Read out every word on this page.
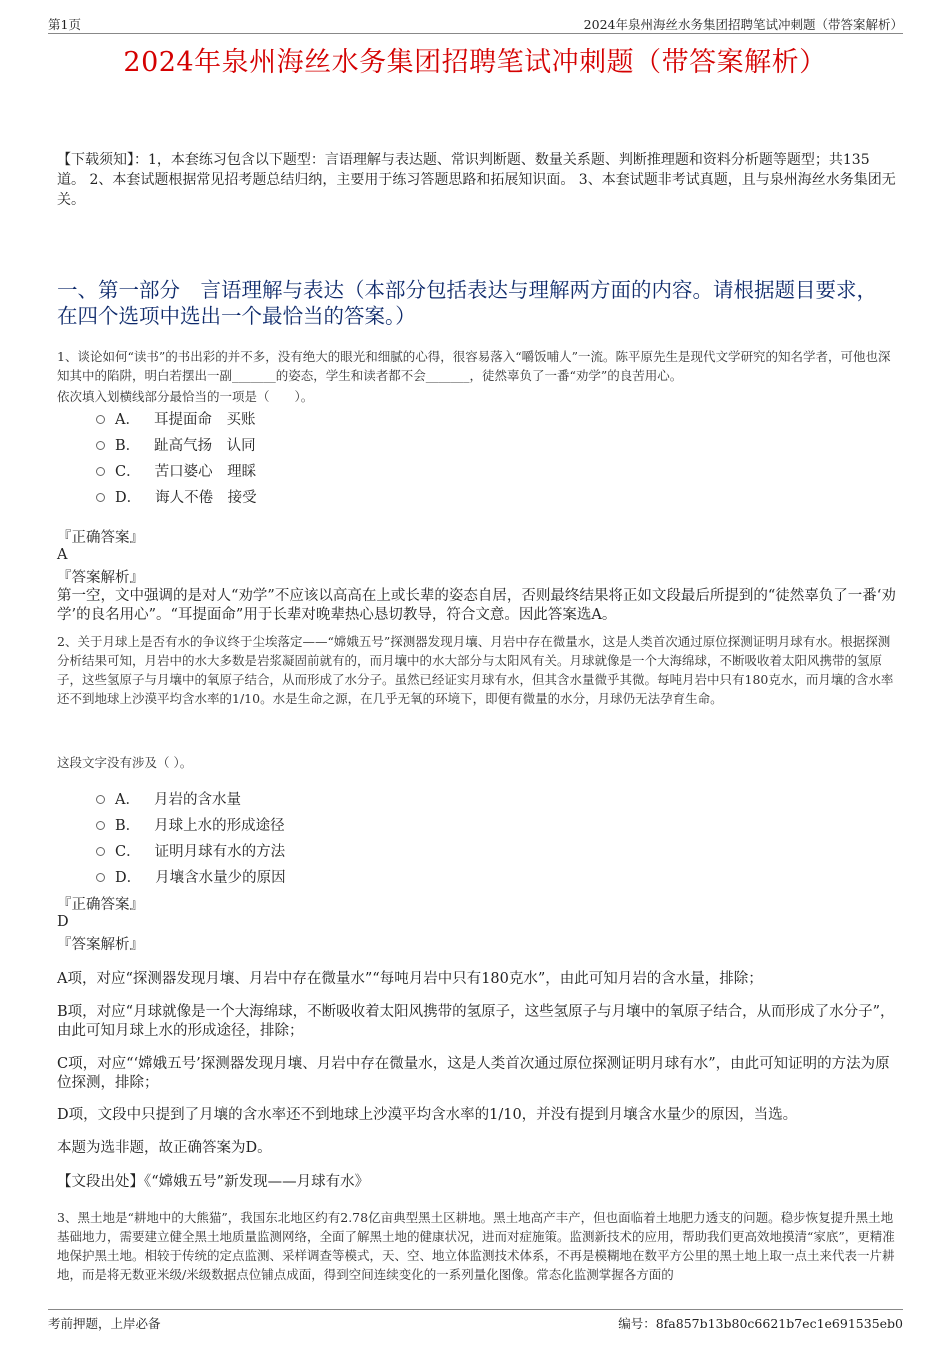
第1页	2024年泉州海丝水务集团招聘笔试冲刺题（带答案解析）
2024年泉州海丝水务集团招聘笔试冲刺题（带答案解析）
【下载须知】：1，本套练习包含以下题型：言语理解与表达题、常识判断题、数量关系题、判断推理题和资料分析题等题型；共135道。 2、本套试题根据常见招考题总结归纳，主要用于练习答题思路和拓展知识面。 3、本套试题非考试真题，且与泉州海丝水务集团无关。
一、第一部分　言语理解与表达（本部分包括表达与理解两方面的内容。请根据题目要求，在四个选项中选出一个最恰当的答案。）
1、谈论如何“读书”的书出彩的并不多，没有绝大的眼光和细腻的心得，很容易落入“嚼饭哺人”一流。陈平原先生是现代文学研究的知名学者，可他也深知其中的陷阱，明白若摆出一副_______的姿态，学生和读者都不会_______，徒然辜负了一番“劝学”的良苦用心。
依次填入划横线部分最恰当的一项是（　　）。
A． 耳提面命　买账
B． 趾高气扬　认同
C． 苦口婆心　理睬
D． 诲人不倦　接受
『正确答案』
A
『答案解析』
第一空，文中强调的是对人“劝学”不应该以高高在上或长辈的姿态自居，否则最终结果将正如文段最后所提到的“徒然辜负了一番‘劝学’的良名用心”。“耳提面命”用于长辈对晚辈热心恳切教导，符合文意。因此答案选A。
2、关于月球上是否有水的争议终于尘埃落定——“嫦娥五号”探测器发现月壤、月岩中存在微量水，这是人类首次通过原位探测证明月球有水。根据探测分析结果可知，月岩中的水大多数是岩浆凝固前就有的，而月壤中的水大部分与太阳风有关。月球就像是一个大海绵球，不断吸收着太阳风携带的氢原子，这些氢原子与月壤中的氧原子结合，从而形成了水分子。虽然已经证实月球有水，但其含水量微乎其微。每吨月岩中只有180克水，而月壤的含水率还不到地球上沙漠平均含水率的1/10。水是生命之源，在几乎无氧的环境下，即便有微量的水分，月球仍无法孕育生命。
这段文字没有涉及（ ）。
A． 月岩的含水量
B． 月球上水的形成途径
C． 证明月球有水的方法
D． 月壤含水量少的原因
『正确答案』
D
『答案解析』
A项，对应“探测器发现月壤、月岩中存在微量水”“每吨月岩中只有180克水”，由此可知月岩的含水量，排除；
B项，对应“月球就像是一个大海绵球，不断吸收着太阳风携带的氢原子，这些氢原子与月壤中的氧原子结合，从而形成了水分子”，由此可知月球上水的形成途径，排除；
C项，对应“‘嫦娥五号’探测器发现月壤、月岩中存在微量水，这是人类首次通过原位探测证明月球有水”，由此可知证明的方法为原位探测，排除；
D项，文段中只提到了月壤的含水率还不到地球上沙漠平均含水率的1/10，并没有提到月壤含水量少的原因，当选。
本题为选非题，故正确答案为D。
【文段出处】《“嫦娥五号”新发现——月球有水》
3、黑土地是“耕地中的大熊猫”，我国东北地区约有2.78亿亩典型黑土区耕地。黑土地高产丰产，但也面临着土地肥力透支的问题。稳步恢复提升黑土地基础地力，需要建立健全黑土地质量监测网络，全面了解黑土地的健康状况，进而对症施策。监测新技术的应用，帮助我们更高效地摸清“家底”，更精准地保护黑土地。相较于传统的定点监测、采样调查等模式，天、空、地立体监测技术体系，不再是模糊地在数平方公里的黑土地上取一点土来代表一片耕地，而是将无数亚米级/米级数据点位铺点成面，得到空间连续变化的一系列量化图像。常态化监测掌握各方面的
考前押题，上岸必备	编号：8fa857b13b80c6621b7ec1e691535eb0
